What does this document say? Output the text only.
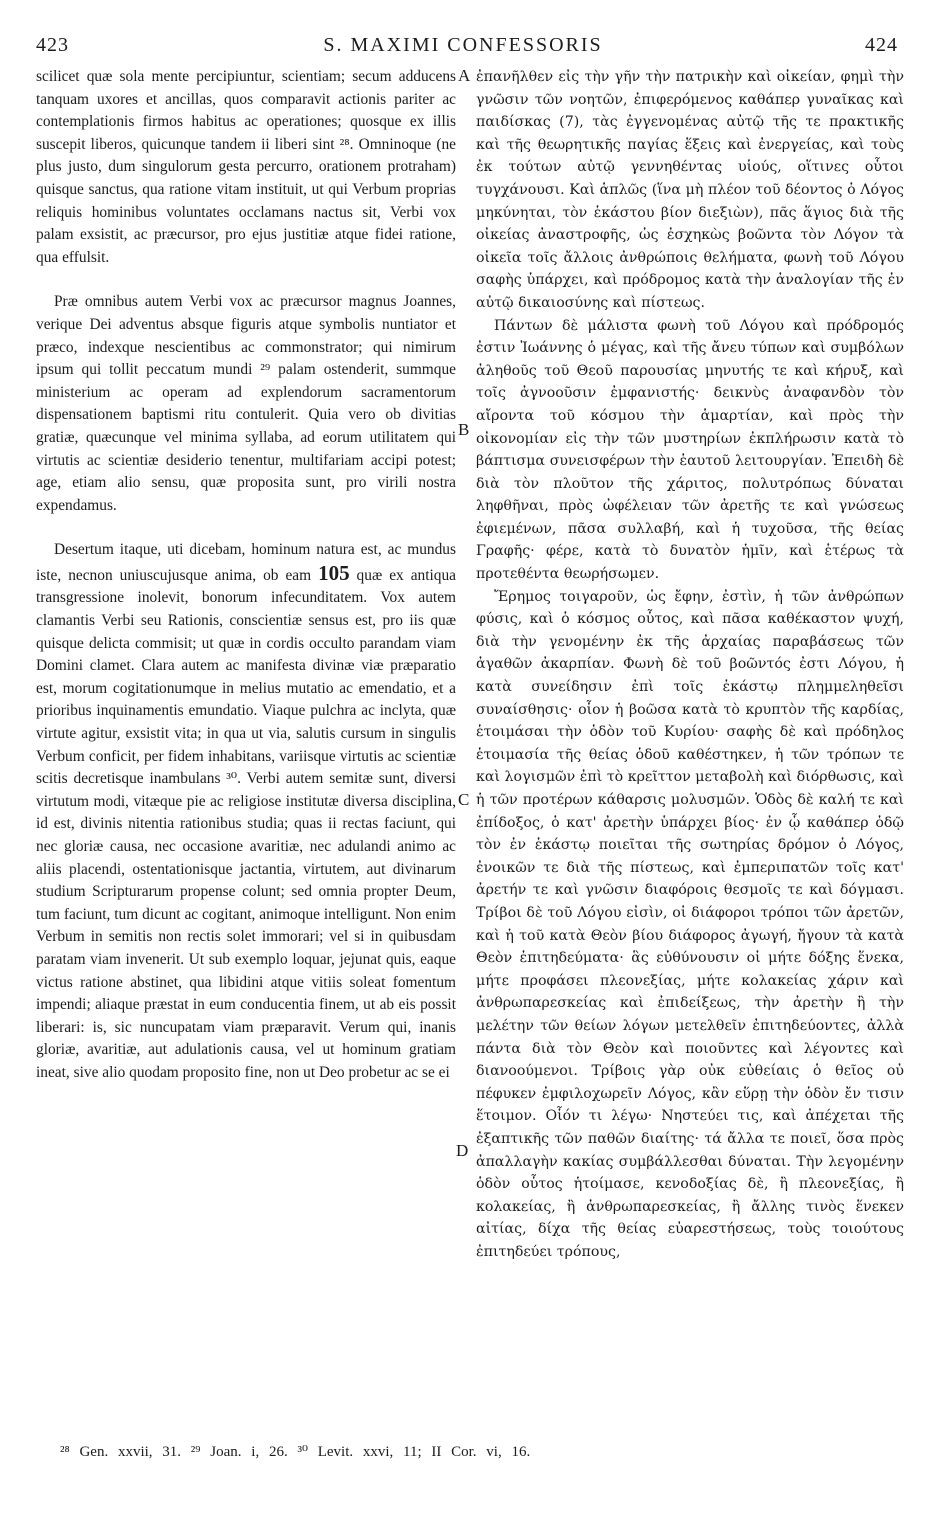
423	S. MAXIMI CONFESSORIS	424

scilicet quæ sola mente percipiuntur, scientiam; secum adducens tanquam uxores et ancillas, quos comparavit actionis pariter ac contemplationis firmos habitus ac operationes; quosque ex illis suscepit liberos, quicunque tandem ii liberi sint ²⁸. Omninoque (ne plus justo, dum singulorum gesta percurro, orationem protraham) quisque sanctus, qua ratione vitam instituit, ut qui Verbum proprias reliquis hominibus voluntates occlamans nactus sit, Verbi vox palam exsistit, ac præcursor, pro ejus justitiæ atque fidei ratione, qua effulsit.

Præ omnibus autem Verbi vox ac præcursor magnus Joannes, verique Dei adventus absque figuris atque symbolis nuntiator et præco, indexque nescientibus ac commonstrator; qui nimirum ipsum qui tollit peccatum mundi ²⁹ palam ostenderit, summque ministerium ac operam ad explendorum sacramentorum dispensationem baptismi ritu contulerit. Quia vero ob divitias gratiæ, quæcunque vel minima syllaba, ad eorum utilitatem qui virtutis ac scientiæ desiderio tenentur, multifariam accipi potest; age, etiam alio sensu, quæ proposita sunt, pro virili nostra expendamus.

Desertum itaque, uti dicebam, hominum natura est, ac mundus iste, necnon uniuscujusque anima, ob eam 105 quæ ex antiqua transgressione inolevit, bonorum infecunditatem. Vox autem clamantis Verbi seu Rationis, conscientiæ sensus est, pro iis quæ quisque delicta commisit; ut quæ in cordis occulto parandam viam Domini clamet. Clara autem ac manifesta divinæ viæ præparatio est, morum cogitationumque in melius mutatio ac emendatio, et a prioribus inquinamentis emundatio. Viaque pulchra ac inclyta, quæ virtute agitur, exsistit vita; in qua ut via, salutis cursum in singulis Verbum conficit, per fidem inhabitans, variisque virtutis ac scientiæ scitis decretisque inambulans ³⁰. Verbi autem semitæ sunt, diversi virtutum modi, vitæque pie ac religiose institutæ diversa disciplina, id est, divinis nitentia rationibus studia; quas ii rectas faciunt, qui nec gloriæ causa, nec occasione avaritiæ, nec adulandi animo ac aliis placendi, ostentationisque jactantia, virtutem, aut divinarum studium Scripturarum propense colunt; sed omnia propter Deum, tum faciunt, tum dicunt ac cogitant, animoque intelligunt. Non enim Verbum in semitis non rectis solet immorari; vel si in quibusdam paratam viam invenerit. Ut sub exemplo loquar, jejunat quis, eaque victus ratione abstinet, qua libidini atque vitiis soleat fomentum impendi; aliaque præstat in eum conducentia finem, ut ab eis possit liberari: is, sic nuncupatam viam præparavit. Verum qui, inanis gloriæ, avaritiæ, aut adulationis causa, vel ut hominum gratiam ineat, sive alio quodam proposito fine, non ut Deo probetur ac se ei

A
B
C
D

ἐπανῆλθεν εἰς τὴν γῆν τὴν πατρικὴν καὶ οἰκείαν, φημὶ τὴν γνῶσιν τῶν νοητῶν, ἐπιφερόμενος καθάπερ γυναῖκας καὶ παιδίσκας (7), τὰς ἐγγενομένας αὐτῷ τῆς τε πρακτικῆς καὶ τῆς θεωρητικῆς παγίας ἕξεις καὶ ἐνεργείας, καὶ τοὺς ἐκ τούτων αὐτῷ γεννηθέντας υἱούς, οἵτινες οὗτοι τυγχάνουσι. Καὶ ἁπλῶς (ἵνα μὴ πλέον τοῦ δέοντος ὁ Λόγος μηκύνηται, τὸν ἑκάστου βίον διεξιὼν), πᾶς ἅγιος διὰ τῆς οἰκείας ἀναστροφῆς, ὡς ἐσχηκὼς βοῶντα τὸν Λόγον τὰ οἰκεῖα τοῖς ἄλλοις ἀνθρώποις θελήματα, φωνὴ τοῦ Λόγου σαφὴς ὑπάρχει, καὶ πρόδρομος κατὰ τὴν ἀναλογίαν τῆς ἐν αὐτῷ δικαιοσύνης καὶ πίστεως.

Πάντων δὲ μάλιστα φωνὴ τοῦ Λόγου καὶ πρόδρομός ἐστιν Ἰωάννης ὁ μέγας, καὶ τῆς ἄνευ τύπων καὶ συμβόλων ἀληθοῦς τοῦ Θεοῦ παρουσίας μηνυτής τε καὶ κήρυξ, καὶ τοῖς ἀγνοοῦσιν ἐμφανιστής· δεικνὺς ἀναφανδὸν τὸν αἴροντα τοῦ κόσμου τὴν ἁμαρτίαν, καὶ πρὸς τὴν οἰκονομίαν εἰς τὴν τῶν μυστηρίων ἐκπλήρωσιν κατὰ τὸ βάπτισμα συνεισφέρων τὴν ἑαυτοῦ λειτουργίαν. Ἐπειδὴ δὲ διὰ τὸν πλοῦτον τῆς χάριτος, πολυτρόπως δύναται ληφθῆναι, πρὸς ὠφέλειαν τῶν ἀρετῆς τε καὶ γνώσεως ἐφιεμένων, πᾶσα συλλαβή, καὶ ἡ τυχοῦσα, τῆς θείας Γραφῆς· φέρε, κατὰ τὸ δυνατὸν ἡμῖν, καὶ ἑτέρως τὰ προτεθέντα θεωρήσωμεν.

Ἔρημος τοιγαροῦν, ὡς ἔφην, ἐστὶν, ἡ τῶν ἀνθρώπων φύσις, καὶ ὁ κόσμος οὗτος, καὶ πᾶσα καθέκαστον ψυχή, διὰ τὴν γενομένην ἐκ τῆς ἀρχαίας παραβάσεως τῶν ἀγαθῶν ἀκαρπίαν. Φωνὴ δὲ τοῦ βοῶντός ἐστι Λόγου, ἡ κατὰ συνείδησιν ἐπὶ τοῖς ἑκάστῳ πλημμεληθεῖσι συναίσθησις· οἷον ἡ βοῶσα κατὰ τὸ κρυπτὸν τῆς καρδίας, ἑτοιμάσαι τὴν ὁδὸν τοῦ Κυρίου· σαφὴς δὲ καὶ πρόδηλος ἑτοιμασία τῆς θείας ὁδοῦ καθέστηκεν, ἡ τῶν τρόπων τε καὶ λογισμῶν ἐπὶ τὸ κρεῖττον μεταβολὴ καὶ διόρθωσις, καὶ ἡ τῶν προτέρων κάθαρσις μολυσμῶν. Ὁδὸς δὲ καλή τε καὶ ἐπίδοξος, ὁ κατ' ἀρετὴν ὑπάρχει βίος· ἐν ᾧ καθάπερ ὁδῷ τὸν ἐν ἑκάστῳ ποιεῖται τῆς σωτηρίας δρόμον ὁ Λόγος, ἐνοικῶν τε διὰ τῆς πίστεως, καὶ ἐμπεριπατῶν τοῖς κατ' ἀρετήν τε καὶ γνῶσιν διαφόροις θεσμοῖς τε καὶ δόγμασι. Τρίβοι δὲ τοῦ Λόγου εἰσὶν, οἱ διάφοροι τρόποι τῶν ἀρετῶν, καὶ ἡ τοῦ κατὰ Θεὸν βίου διάφορος ἀγωγή, ἤγουν τὰ κατὰ Θεὸν ἐπιτηδεύματα· ἃς εὐθύνουσιν οἱ μήτε δόξης ἕνεκα, μήτε προφάσει πλεονεξίας, μήτε κολακείας χάριν καὶ ἀνθρωπαρεσκείας καὶ ἐπιδείξεως, τὴν ἀρετὴν ἢ τὴν μελέτην τῶν θείων λόγων μετελθεῖν ἐπιτηδεύοντες, ἀλλὰ πάντα διὰ τὸν Θεὸν καὶ ποιοῦντες καὶ λέγοντες καὶ διανοούμενοι. Τρίβοις γὰρ οὐκ εὐθείαις ὁ θεῖος οὐ πέφυκεν ἐμφιλοχωρεῖν Λόγος, κἂν εὕρῃ τὴν ὁδὸν ἔν τισιν ἕτοιμον. Οἷόν τι λέγω· Νηστεύει τις, καὶ ἀπέχεται τῆς ἐξαπτικῆς τῶν παθῶν διαίτης· τά ἄλλα τε ποιεῖ, ὅσα πρὸς ἀπαλλαγὴν κακίας συμβάλλεσθαι δύναται. Τὴν λεγομένην ὁδὸν οὗτος ἡτοίμασε, κενοδοξίας δὲ, ἢ πλεονεξίας, ἢ κολακείας, ἢ ἀνθρωπαρεσκείας, ἢ ἄλλης τινὸς ἕνεκεν αἰτίας, δίχα τῆς θείας εὐαρεστήσεως, τοὺς τοιούτους ἐπιτηδεύει τρόπους,

²⁸ Gen. xxvii, 31. ²⁹ Joan. i, 26. ³⁰ Levit. xxvi, 11; II Cor. vi, 16.
